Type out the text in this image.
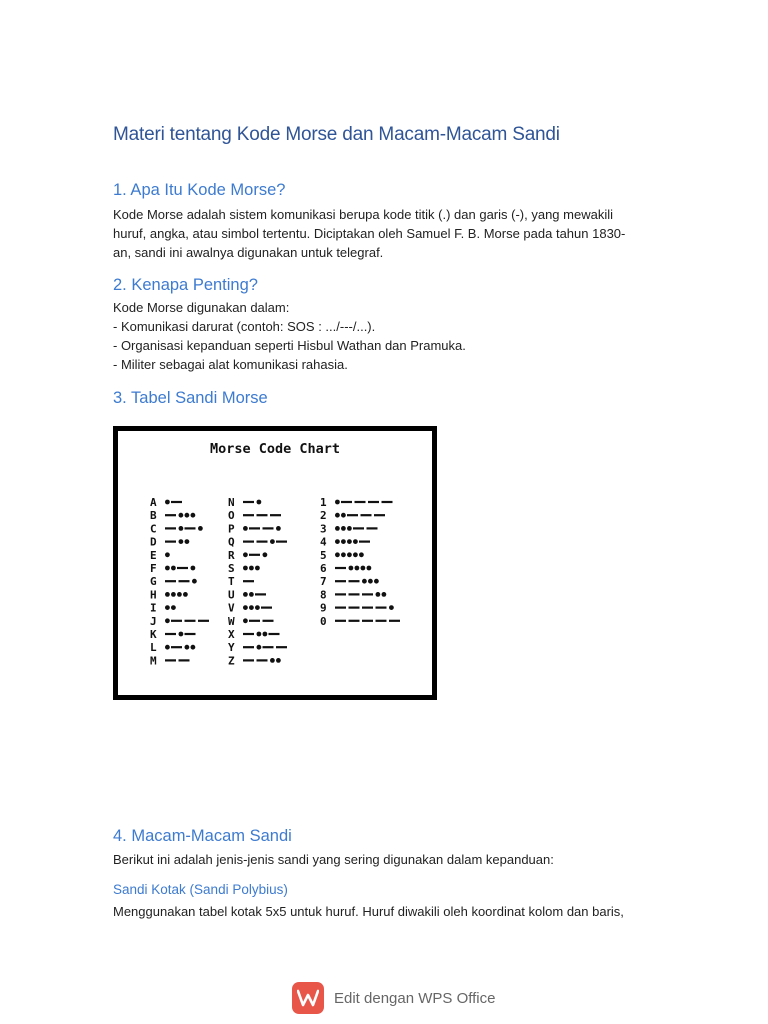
Materi tentang Kode Morse dan Macam-Macam Sandi
1. Apa Itu Kode Morse?
Kode Morse adalah sistem komunikasi berupa kode titik (.) dan garis (-), yang mewakili
huruf, angka, atau simbol tertentu. Diciptakan oleh Samuel F. B. Morse pada tahun 1830-
an, sandi ini awalnya digunakan untuk telegraf.
2. Kenapa Penting?
Kode Morse digunakan dalam:
- Komunikasi darurat (contoh: SOS : .../---/...).
- Organisasi kepanduan seperti Hisbul Wathan dan Pramuka.
- Militer sebagai alat komunikasi rahasia.
3. Tabel Sandi Morse
Morse Code Chart
A
B
C
D
E
F
G
H
I
J
K
L
M
N
O
P
Q
R
S
T
U
V
W
X
Y
Z
1
2
3
4
5
6
7
8
9
0
4. Macam-Macam Sandi
Berikut ini adalah jenis-jenis sandi yang sering digunakan dalam kepanduan:
Sandi Kotak (Sandi Polybius)
Menggunakan tabel kotak 5x5 untuk huruf. Huruf diwakili oleh koordinat kolom dan baris,
Edit dengan WPS Office
